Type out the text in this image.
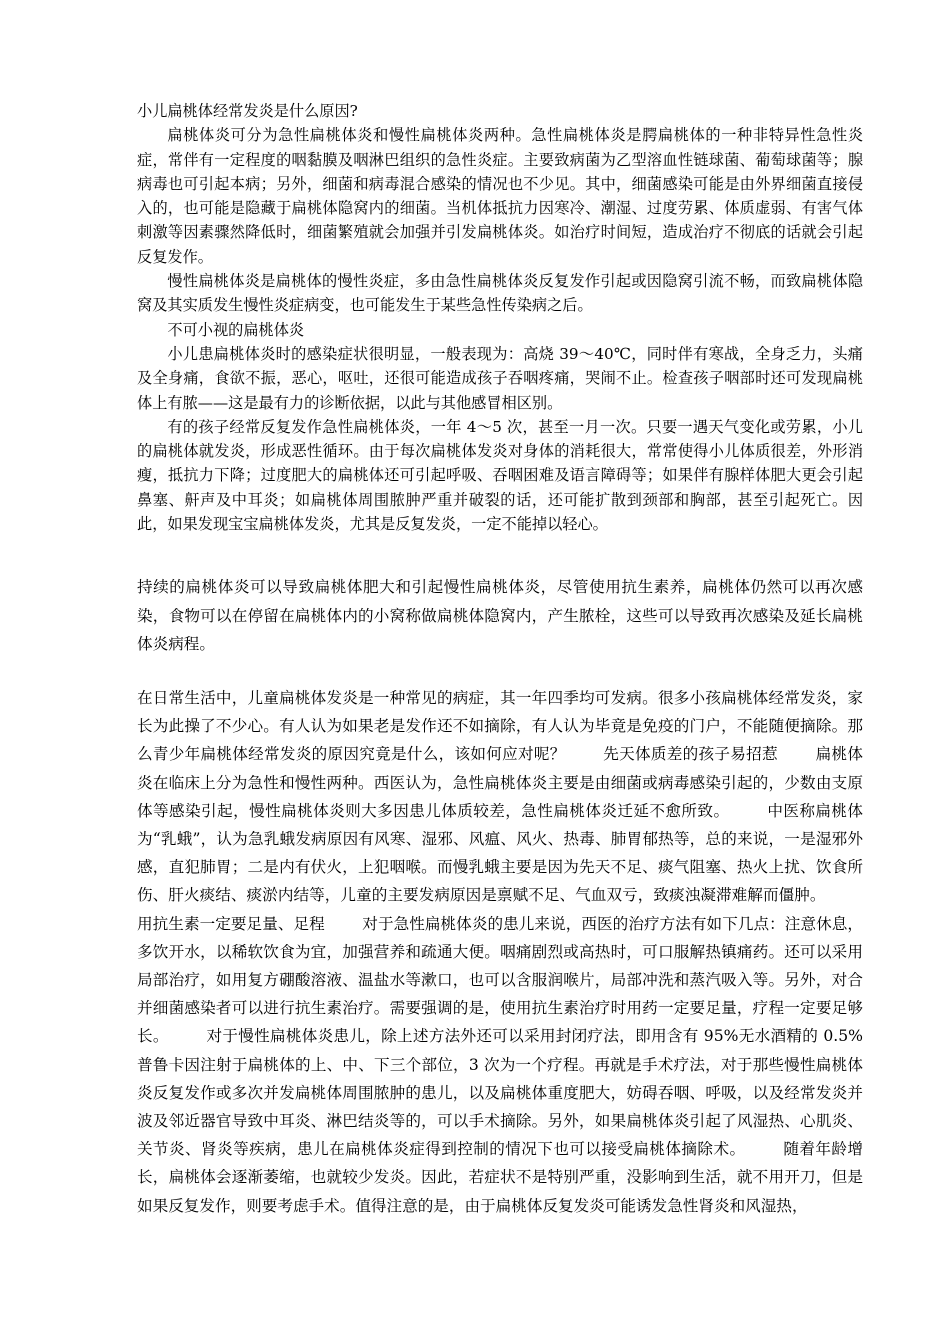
小儿扁桃体经常发炎是什么原因?

扁桃体炎可分为急性扁桃体炎和慢性扁桃体炎两种。急性扁桃体炎是腭扁桃体的一种非特异性急性炎症，常伴有一定程度的咽黏膜及咽淋巴组织的急性炎症。主要致病菌为乙型溶血性链球菌、葡萄球菌等；腺病毒也可引起本病；另外，细菌和病毒混合感染的情况也不少见。其中，细菌感染可能是由外界细菌直接侵入的，也可能是隐藏于扁桃体隐窝内的细菌。当机体抵抗力因寒冷、潮湿、过度劳累、体质虚弱、有害气体刺激等因素骤然降低时，细菌繁殖就会加强并引发扁桃体炎。如治疗时间短，造成治疗不彻底的话就会引起反复发作。

慢性扁桃体炎是扁桃体的慢性炎症，多由急性扁桃体炎反复发作引起或因隐窝引流不畅，而致扁桃体隐窝及其实质发生慢性炎症病变，也可能发生于某些急性传染病之后。

不可小视的扁桃体炎

小儿患扁桃体炎时的感染症状很明显，一般表现为：高烧 39～40℃，同时伴有寒战，全身乏力，头痛及全身痛，食欲不振，恶心，呕吐，还很可能造成孩子吞咽疼痛，哭闹不止。检查孩子咽部时还可发现扁桃体上有脓——这是最有力的诊断依据，以此与其他感冒相区别。

有的孩子经常反复发作急性扁桃体炎，一年 4～5 次，甚至一月一次。只要一遇天气变化或劳累，小儿的扁桃体就发炎，形成恶性循环。由于每次扁桃体发炎对身体的消耗很大，常常使得小儿体质很差，外形消瘦，抵抗力下降；过度肥大的扁桃体还可引起呼吸、吞咽困难及语言障碍等；如果伴有腺样体肥大更会引起鼻塞、鼾声及中耳炎；如扁桃体周围脓肿严重并破裂的话，还可能扩散到颈部和胸部，甚至引起死亡。因此，如果发现宝宝扁桃体发炎，尤其是反复发炎，一定不能掉以轻心。

持续的扁桃体炎可以导致扁桃体肥大和引起慢性扁桃体炎，尽管使用抗生素养，扁桃体仍然可以再次感染，食物可以在停留在扁桃体内的小窝称做扁桃体隐窝内，产生脓栓，这些可以导致再次感染及延长扁桃体炎病程。

在日常生活中，儿童扁桃体发炎是一种常见的病症，其一年四季均可发病。很多小孩扁桃体经常发炎，家长为此操了不少心。有人认为如果老是发作还不如摘除，有人认为毕竟是免疫的门户，不能随便摘除。那么青少年扁桃体经常发炎的原因究竟是什么，该如何应对呢？ 先天体质差的孩子易招惹 扁桃体炎在临床上分为急性和慢性两种。西医认为，急性扁桃体炎主要是由细菌或病毒感染引起的，少数由支原体等感染引起，慢性扁桃体炎则大多因患儿体质较差，急性扁桃体炎迁延不愈所致。 中医称扁桃体为“乳蛾”，认为急乳蛾发病原因有风寒、湿邪、风瘟、风火、热毒、肺胃郁热等，总的来说，一是湿邪外感，直犯肺胃；二是内有伏火，上犯咽喉。而慢乳蛾主要是因为先天不足、痰气阻塞、热火上扰、饮食所伤、肝火痰结、痰淤内结等，儿童的主要发病原因是禀赋不足、气血双亏，致痰浊凝滞难解而僵肿。用抗生素一定要足量、足程 对于急性扁桃体炎的患儿来说，西医的治疗方法有如下几点：注意休息，多饮开水，以稀软饮食为宜，加强营养和疏通大便。咽痛剧烈或高热时，可口服解热镇痛药。还可以采用局部治疗，如用复方硼酸溶液、温盐水等漱口，也可以含服润喉片，局部冲洗和蒸汽吸入等。另外，对合并细菌感染者可以进行抗生素治疗。需要强调的是，使用抗生素治疗时用药一定要足量，疗程一定要足够长。 对于慢性扁桃体炎患儿，除上述方法外还可以采用封闭疗法，即用含有 95%无水酒精的 0.5%普鲁卡因注射于扁桃体的上、中、下三个部位，3 次为一个疗程。再就是手术疗法，对于那些慢性扁桃体炎反复发作或多次并发扁桃体周围脓肿的患儿，以及扁桃体重度肥大，妨碍吞咽、呼吸，以及经常发炎并波及邻近器官导致中耳炎、淋巴结炎等的，可以手术摘除。另外，如果扁桃体炎引起了风湿热、心肌炎、关节炎、肾炎等疾病，患儿在扁桃体炎症得到控制的情况下也可以接受扁桃体摘除术。 随着年龄增长，扁桃体会逐渐萎缩，也就较少发炎。因此，若症状不是特别严重，没影响到生活，就不用开刀，但是如果反复发作，则要考虑手术。值得注意的是，由于扁桃体反复发炎可能诱发急性肾炎和风湿热，
